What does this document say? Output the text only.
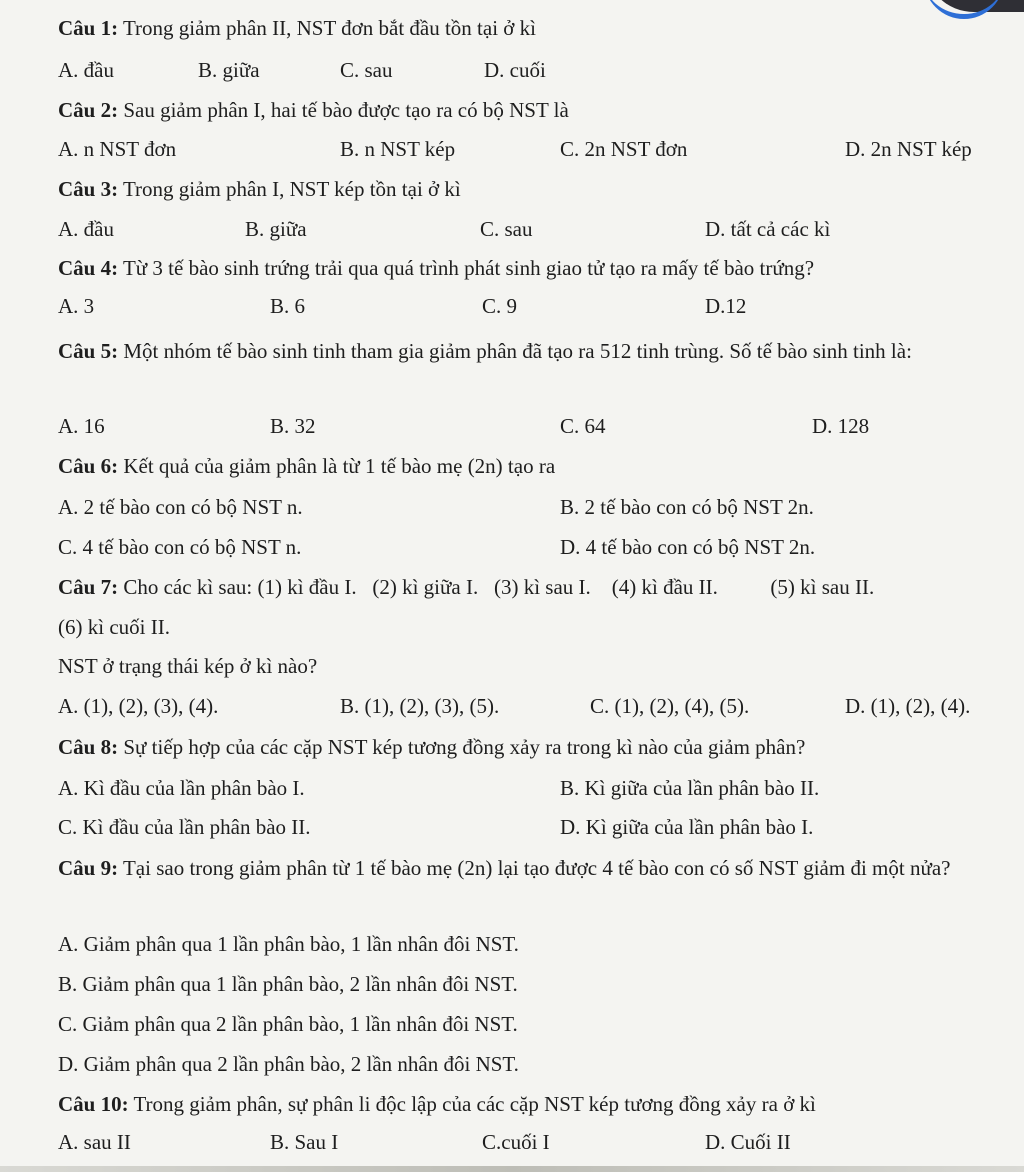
Câu 1: Trong giảm phân II, NST đơn bắt đầu tồn tại ở kì
A. đầu	B. giữa	C. sau	D. cuối
Câu 2: Sau giảm phân I, hai tế bào được tạo ra có bộ NST là
A. n NST đơn	B. n NST kép	C. 2n NST đơn	D. 2n NST kép
Câu 3: Trong giảm phân I, NST kép tồn tại ở kì
A. đầu	B. giữa	C. sau	D. tất cả các kì
Câu 4: Từ 3 tế bào sinh trứng trải qua quá trình phát sinh giao tử tạo ra mấy tế bào trứng?
A. 3	B. 6	C. 9	D.12
Câu 5: Một nhóm tế bào sinh tinh tham gia giảm phân đã tạo ra 512 tinh trùng. Số tế bào sinh tinh là:
A. 16	B. 32	C. 64	D. 128
Câu 6: Kết quả của giảm phân là từ 1 tế bào mẹ (2n) tạo ra
A. 2 tế bào con có bộ NST n.	B. 2 tế bào con có bộ NST 2n.
C. 4 tế bào con có bộ NST n.	D. 4 tế bào con có bộ NST 2n.
Câu 7: Cho các kì sau: (1) kì đầu I.   (2) kì giữa I.   (3) kì sau I.    (4) kì đầu II.          (5) kì sau II.
(6) kì cuối II.
NST ở trạng thái kép ở kì nào?
A. (1), (2), (3), (4).	B. (1), (2), (3), (5).	C. (1), (2), (4), (5).	D. (1), (2), (4).
Câu 8: Sự tiếp hợp của các cặp NST kép tương đồng xảy ra trong kì nào của giảm phân?
A. Kì đầu của lần phân bào I.	B. Kì giữa của lần phân bào II.
C. Kì đầu của lần phân bào II.	D. Kì giữa của lần phân bào I.
Câu 9: Tại sao trong giảm phân từ 1 tế bào mẹ (2n) lại tạo được 4 tế bào con có số NST giảm đi một nửa?
A. Giảm phân qua 1 lần phân bào, 1 lần nhân đôi NST.
B. Giảm phân qua 1 lần phân bào, 2 lần nhân đôi NST.
C. Giảm phân qua 2 lần phân bào, 1 lần nhân đôi NST.
D. Giảm phân qua 2 lần phân bào, 2 lần nhân đôi NST.
Câu 10: Trong giảm phân, sự phân li độc lập của các cặp NST kép tương đồng xảy ra ở kì
A. sau II	B. Sau I	C.cuối I	D. Cuối II
